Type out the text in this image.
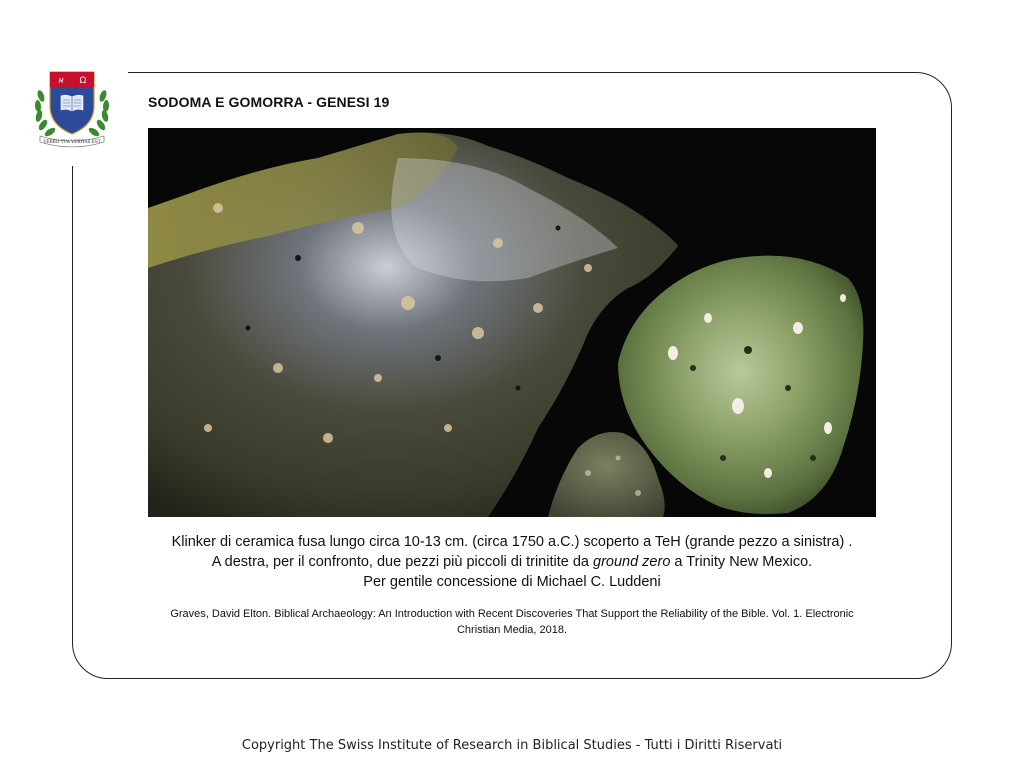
א Ω
VERBO TUA VERITAS EST
SODOMA E GOMORRA - GENESI 19
Klinker di ceramica fusa lungo circa 10-13 cm. (circa 1750 a.C.) scoperto a TeH (grande pezzo a sinistra) .
A destra, per il confronto, due pezzi più piccoli di trinitite da ground zero a Trinity New Mexico.
Per gentile concessione di Michael C. Luddeni
Graves, David Elton. Biblical Archaeology: An Introduction with Recent Discoveries That Support the Reliability of the Bible. Vol. 1. Electronic
Christian Media, 2018.
Copyright The Swiss Institute of Research in Biblical Studies - Tutti i Diritti Riservati
